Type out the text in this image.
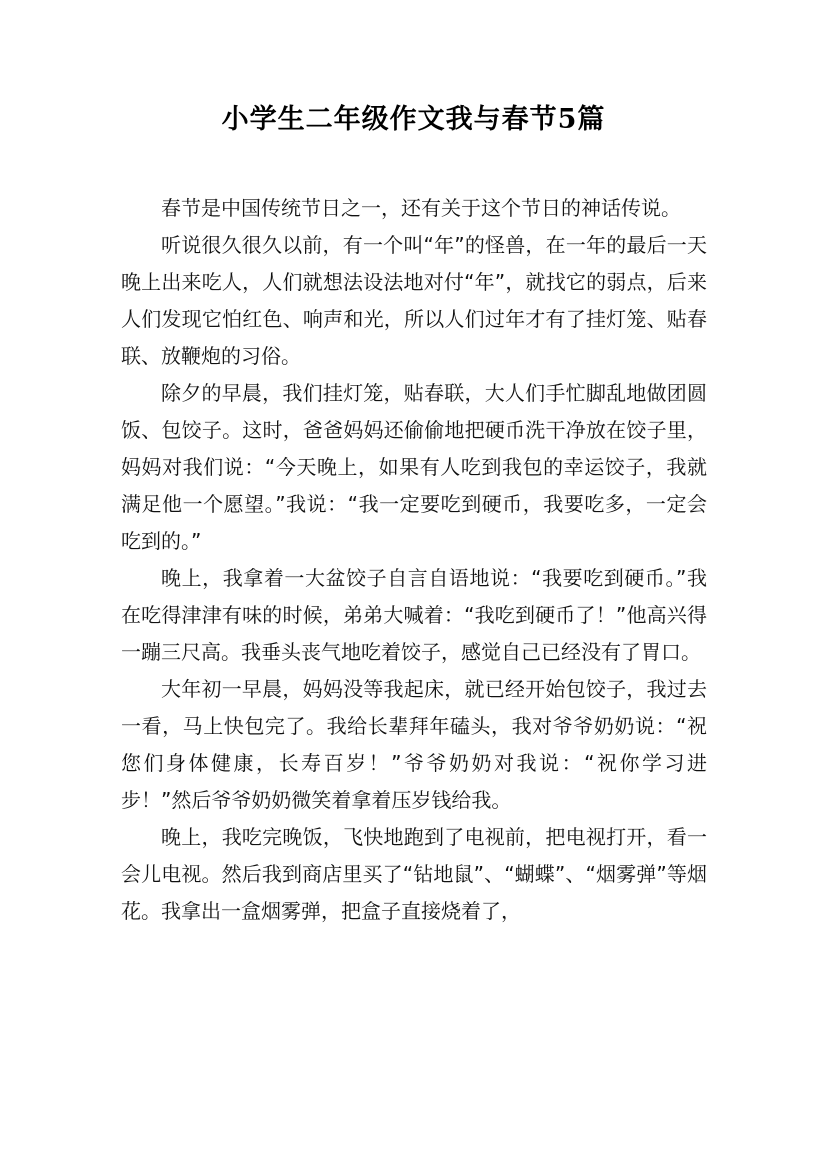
小学生二年级作文我与春节5篇

春节是中国传统节日之一，还有关于这个节日的神话传说。

听说很久很久以前，有一个叫“年”的怪兽，在一年的最后一天晚上出来吃人，人们就想法设法地对付“年”，就找它的弱点，后来人们发现它怕红色、响声和光，所以人们过年才有了挂灯笼、贴春联、放鞭炮的习俗。

除夕的早晨，我们挂灯笼，贴春联，大人们手忙脚乱地做团圆饭、包饺子。这时，爸爸妈妈还偷偷地把硬币洗干净放在饺子里，妈妈对我们说：“今天晚上，如果有人吃到我包的幸运饺子，我就满足他一个愿望。”我说：“我一定要吃到硬币，我要吃多，一定会吃到的。”

晚上，我拿着一大盆饺子自言自语地说：“我要吃到硬币。”我在吃得津津有味的时候，弟弟大喊着：“我吃到硬币了！”他高兴得一蹦三尺高。我垂头丧气地吃着饺子，感觉自己已经没有了胃口。

大年初一早晨，妈妈没等我起床，就已经开始包饺子，我过去一看，马上快包完了。我给长辈拜年磕头，我对爷爷奶奶说：“祝您们身体健康，长寿百岁！”爷爷奶奶对我说：“祝你学习进步！”然后爷爷奶奶微笑着拿着压岁钱给我。

晚上，我吃完晚饭，飞快地跑到了电视前，把电视打开，看一会儿电视。然后我到商店里买了“钻地鼠”、“蝴蝶”、“烟雾弹”等烟花。我拿出一盒烟雾弹，把盒子直接烧着了，
